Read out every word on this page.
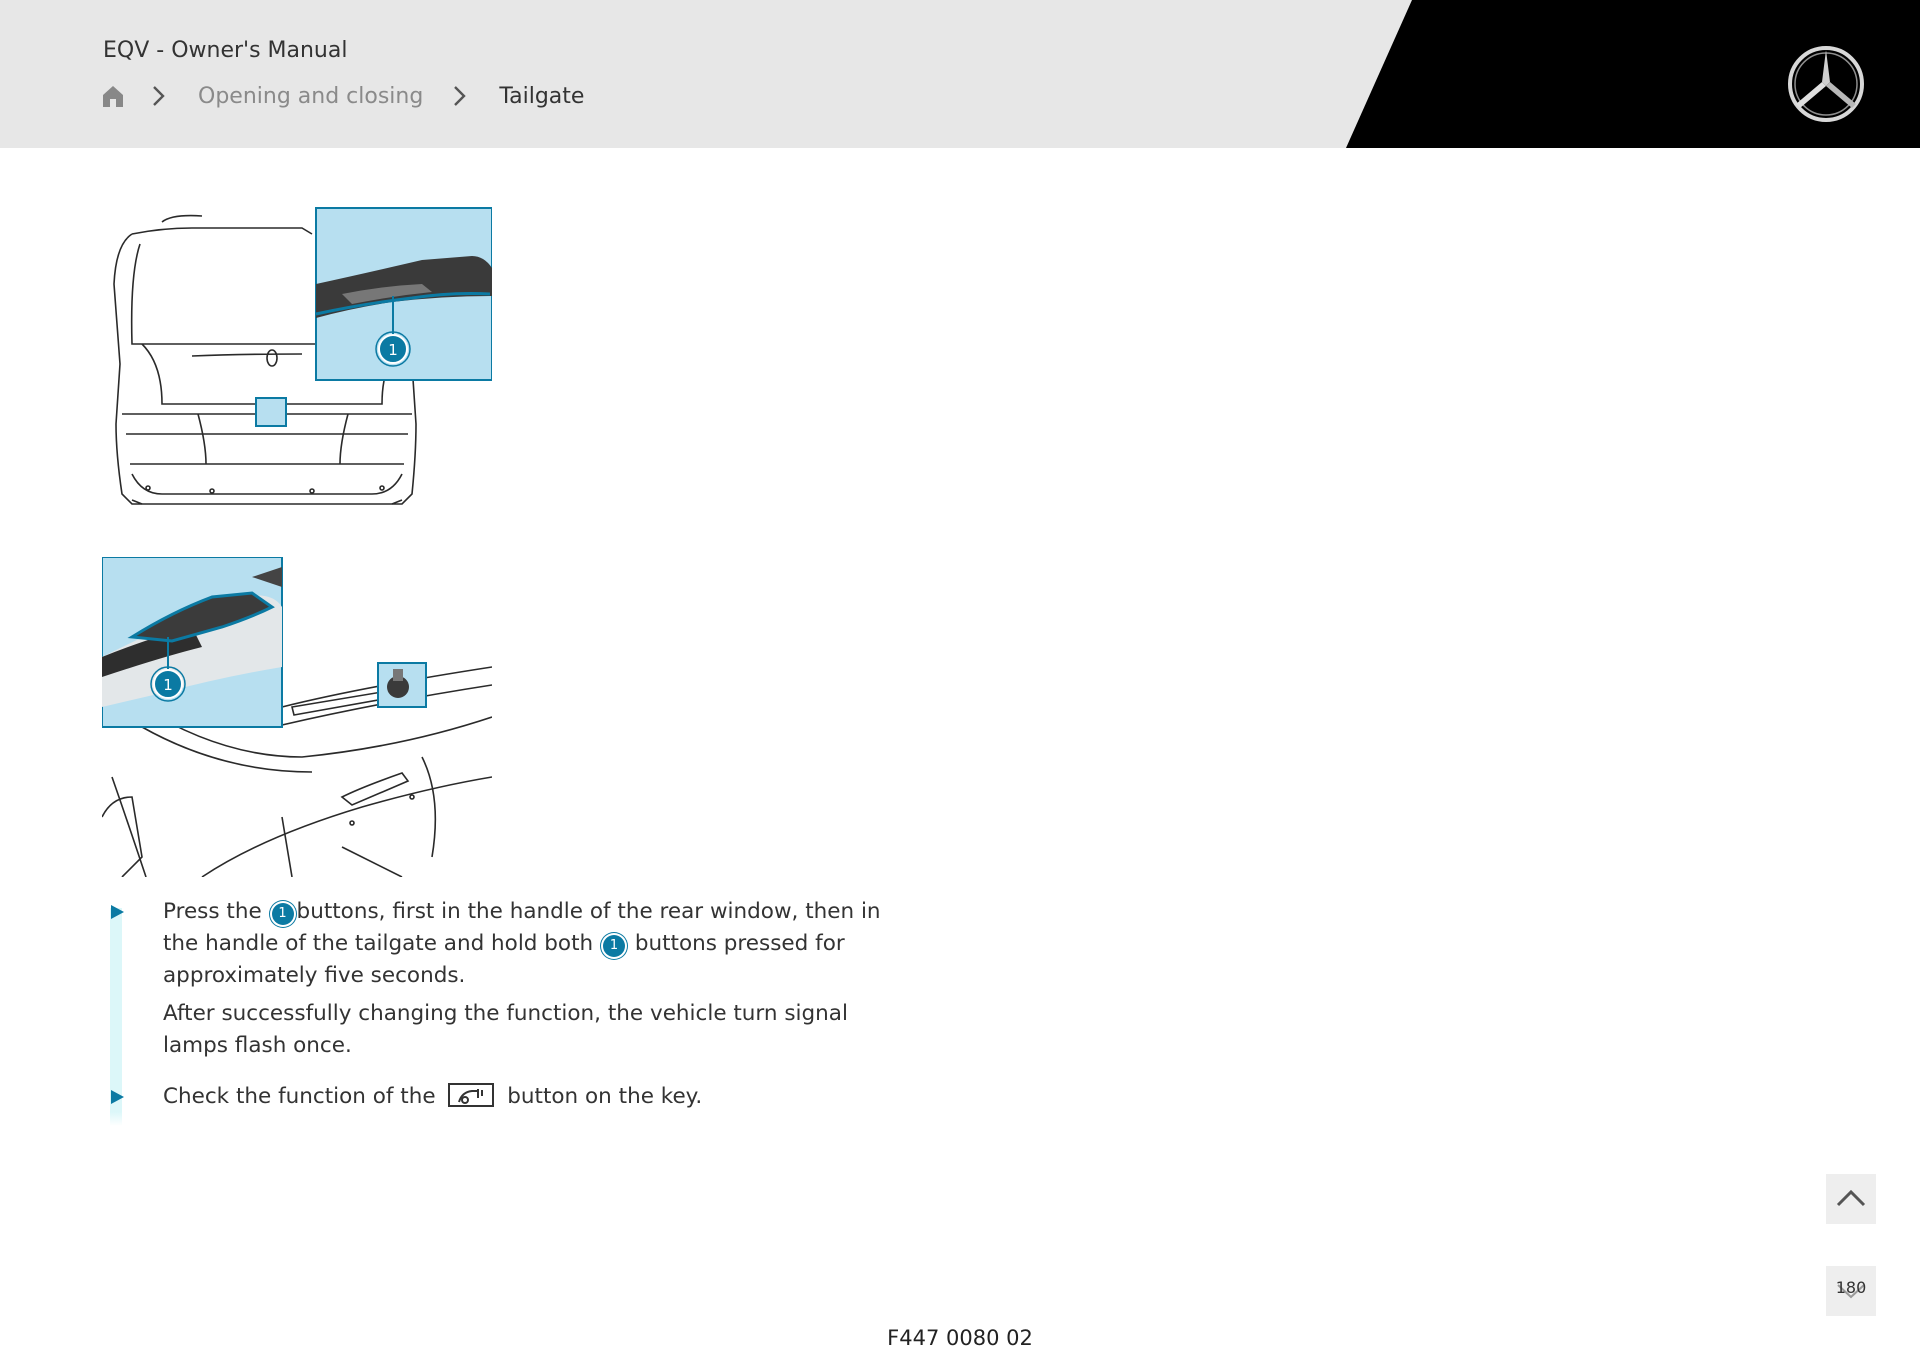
EQV - Owner's Manual
Opening and closing	Tailgate
1
1

Press the 1 buttons, first in the handle of the rear window, then in the handle of the tailgate and hold both 1 buttons pressed for approximately five seconds.

After successfully changing the function, the vehicle turn signal lamps flash once.

Check the function of the	button on the key.

F447 0080 02
180
